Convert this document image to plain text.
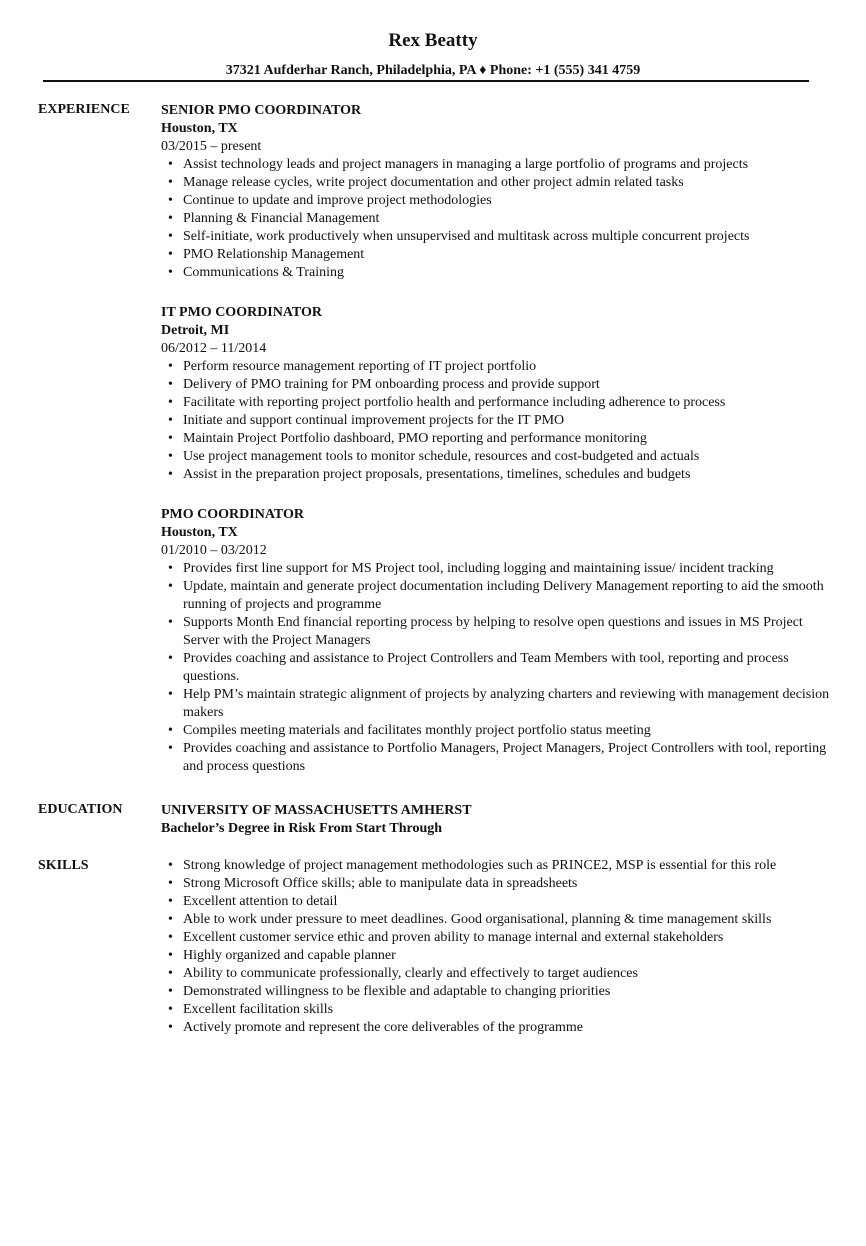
Rex Beatty
37321 Aufderhar Ranch, Philadelphia, PA ♦ Phone: +1 (555) 341 4759
EXPERIENCE SENIOR PMO COORDINATOR
Houston, TX
03/2015 – present
• Assist technology leads and project managers in managing a large portfolio of programs and projects
• Manage release cycles, write project documentation and other project admin related tasks
• Continue to update and improve project methodologies
• Planning & Financial Management
• Self-initiate, work productively when unsupervised and multitask across multiple concurrent projects
• PMO Relationship Management
• Communications & Training
IT PMO COORDINATOR
Detroit, MI
06/2012 – 11/2014
• Perform resource management reporting of IT project portfolio
• Delivery of PMO training for PM onboarding process and provide support
• Facilitate with reporting project portfolio health and performance including adherence to process
• Initiate and support continual improvement projects for the IT PMO
• Maintain Project Portfolio dashboard, PMO reporting and performance monitoring
• Use project management tools to monitor schedule, resources and cost-budgeted and actuals
• Assist in the preparation project proposals, presentations, timelines, schedules and budgets
PMO COORDINATOR
Houston, TX
01/2010 – 03/2012
• Provides first line support for MS Project tool, including logging and maintaining issue/ incident tracking
• Update, maintain and generate project documentation including Delivery Management reporting to aid the smooth running of projects and programme
• Supports Month End financial reporting process by helping to resolve open questions and issues in MS Project Server with the Project Managers
• Provides coaching and assistance to Project Controllers and Team Members with tool, reporting and process questions.
• Help PM’s maintain strategic alignment of projects by analyzing charters and reviewing with management decision makers
• Compiles meeting materials and facilitates monthly project portfolio status meeting
• Provides coaching and assistance to Portfolio Managers, Project Managers, Project Controllers with tool, reporting and process questions
EDUCATION	UNIVERSITY OF MASSACHUSETTS AMHERST
Bachelor’s Degree in Risk From Start Through
SKILLS
•	Strong knowledge of project management methodologies such as PRINCE2, MSP is essential for this role
• Strong Microsoft Office skills; able to manipulate data in spreadsheets
• Excellent attention to detail
• Able to work under pressure to meet deadlines. Good organisational, planning & time management skills
• Excellent customer service ethic and proven ability to manage internal and external stakeholders
• Highly organized and capable planner
• Ability to communicate professionally, clearly and effectively to target audiences
• Demonstrated willingness to be flexible and adaptable to changing priorities
• Excellent facilitation skills
• Actively promote and represent the core deliverables of the programme
